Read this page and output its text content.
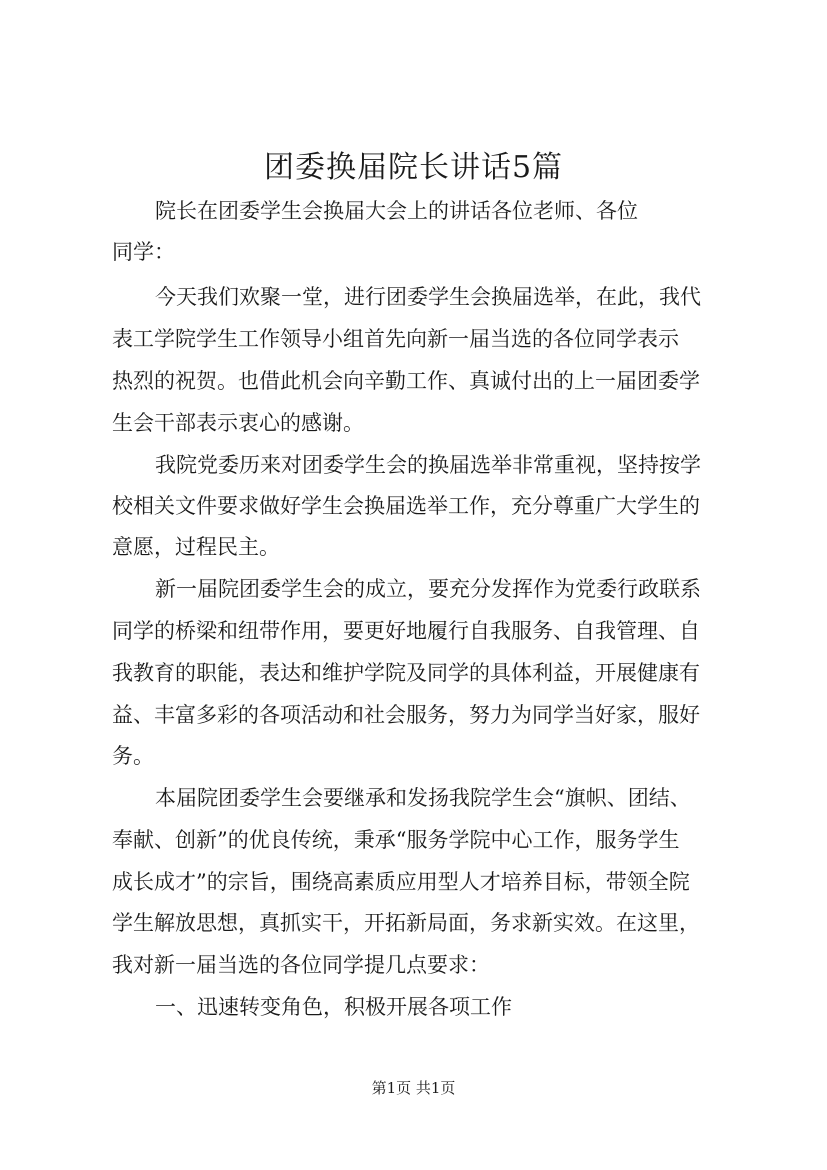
团委换届院长讲话5篇
院长在团委学生会换届大会上的讲话各位老师、各位
同学：
今天我们欢聚一堂，进行团委学生会换届选举，在此，我代
表工学院学生工作领导小组首先向新一届当选的各位同学表示
热烈的祝贺。也借此机会向辛勤工作、真诚付出的上一届团委学
生会干部表示衷心的感谢。
我院党委历来对团委学生会的换届选举非常重视，坚持按学
校相关文件要求做好学生会换届选举工作，充分尊重广大学生的
意愿，过程民主。
新一届院团委学生会的成立，要充分发挥作为党委行政联系
同学的桥梁和纽带作用，要更好地履行自我服务、自我管理、自
我教育的职能，表达和维护学院及同学的具体利益，开展健康有
益、丰富多彩的各项活动和社会服务，努力为同学当好家，服好
务。
本届院团委学生会要继承和发扬我院学生会“旗帜、团结、
奉献、创新”的优良传统，秉承“服务学院中心工作，服务学生
成长成才”的宗旨，围绕高素质应用型人才培养目标，带领全院
学生解放思想，真抓实干，开拓新局面，务求新实效。在这里，
我对新一届当选的各位同学提几点要求：
一、迅速转变角色，积极开展各项工作
第1页 共1页
